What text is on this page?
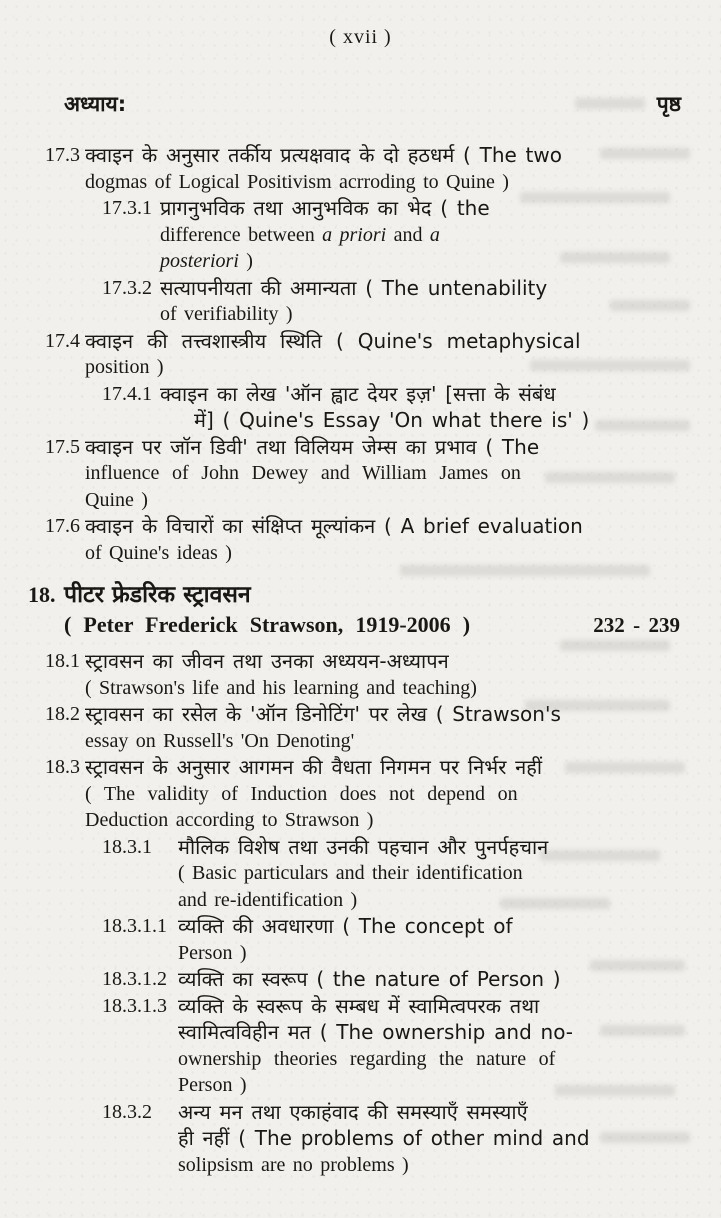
( xvii )
अध्याय:	पृष्ठ
17.3 क्वाइन के अनुसार तर्कीय प्रत्यक्षवाद के दो हठधर्म ( The two
dogmas of Logical Positivism acrroding to Quine )
17.3.1 प्रागनुभविक तथा आनुभविक का भेद ( the
difference between a priori and a
posteriori )
17.3.2 सत्यापनीयता की अमान्यता ( The untenability
of verifiability )
17.4 क्वाइन की तत्त्वशास्त्रीय स्थिति ( Quine's metaphysical
position )
17.4.1 क्वाइन का लेख 'ऑन ह्वाट देयर इज़' [सत्ता के संबंध
में] ( Quine's Essay 'On what there is' )
17.5 क्वाइन पर जॉन डिवी' तथा विलियम जेम्स का प्रभाव ( The
influence of John Dewey and William James on
Quine )
17.6 क्वाइन के विचारों का संक्षिप्त मूल्यांकन ( A brief evaluation
of Quine's ideas )
18. पीटर फ्रेडरिक स्ट्रावसन
( Peter Frederick Strawson, 1919-2006 )	232 - 239
18.1 स्ट्रावसन का जीवन तथा उनका अध्ययन-अध्यापन
( Strawson's life and his learning and teaching)
18.2 स्ट्रावसन का रसेल के 'ऑन डिनोटिंग' पर लेख ( Strawson's
essay on Russell's 'On Denoting'
18.3 स्ट्रावसन के अनुसार आगमन की वैधता निगमन पर निर्भर नहीं
( The validity of Induction does not depend on
Deduction according to Strawson )
18.3.1	मौलिक विशेष तथा उनकी पहचान और पुनर्पहचान
( Basic particulars and their identification
and re-identification )
18.3.1.1 व्यक्ति की अवधारणा ( The concept of
Person )
18.3.1.2 व्यक्ति का स्वरूप ( the nature of Person )
18.3.1.3 व्यक्ति के स्वरूप के सम्बध में स्वामित्वपरक तथा
स्वामित्वविहीन मत ( The ownership and no-
ownership theories regarding the nature of
Person )
18.3.2	अन्य मन तथा एकाहंवाद की समस्याएँ समस्याएँ
ही नहीं ( The problems of other mind and
solipsism are no problems )
